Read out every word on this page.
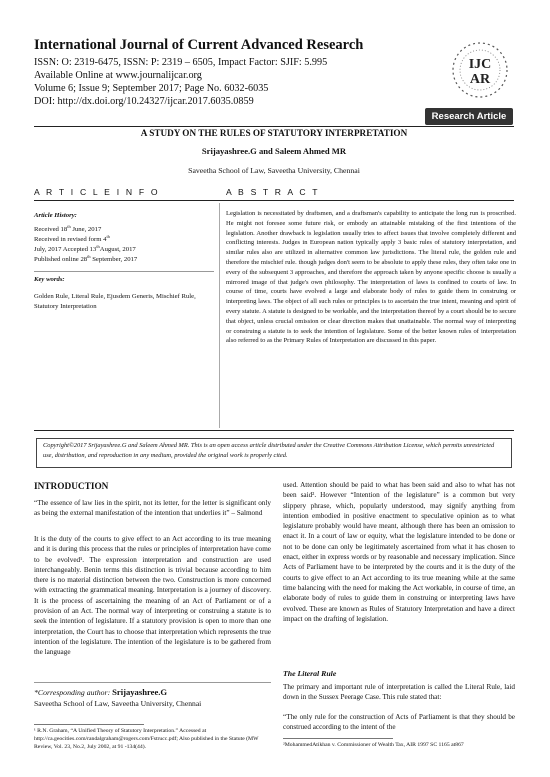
International Journal of Current Advanced Research
ISSN: O: 2319-6475, ISSN: P: 2319 – 6505, Impact Factor: SJIF: 5.995
Available Online at www.journalijcar.org
Volume 6; Issue 9; September 2017; Page No. 6032-6035
DOI: http://dx.doi.org/10.24327/ijcar.2017.6035.0859
IJC
AR
Research Article
A STUDY ON THE RULES OF STATUTORY INTERPRETATION
Srijayashree.G and Saleem Ahmed MR
Saveetha School of Law, Saveetha University, Chennai
A R T I C L E I N F O	A B S T R A C T
Article History:
Received 18th June, 2017
Received in revised form 4th
July, 2017 Accepted 13thAugust, 2017
Published online 28th September, 2017
Key words:
Golden Rule, Literal Rule, Ejusdem Generis, Mischief Rule, Statutory Interpretation
Legislation is necessitated by draftsmen, and a draftsman's capability to anticipate the long run is proscribed. He might not foresee some future risk, or embody an attainable mistaking of the first intentions of the legislation. Another drawback is legislation usually tries to affect issues that involve completely different and conflicting interests. Judges in European nation typically apply 3 basic rules of statutory interpretation, and similar rules also are utilized in alternative common law jurisdictions. The literal rule, the golden rule and therefore the mischief rule. though judges don't seem to be absolute to apply these rules, they often take one in every of the subsequent 3 approaches, and therefore the approach taken by anyone specific choose is usually a mirrored image of that judge's own philosophy. The interpretation of laws is confined to courts of law. In course of time, courts have evolved a large and elaborate body of rules to guide them in construing or interpreting laws. The object of all such rules or principles is to ascertain the true intent, meaning and spirit of every statute. A statute is designed to be workable, and the interpretation thereof by a court should be to secure that object, unless crucial omission or clear direction makes that unattainable. The normal way of interpreting or construing a statute is to seek the intention of legislature. Some of the better known rules of interpretation also referred to as the Primary Rules of Interpretation are discussed in this paper.
Copyright©2017 Srijayashree.G and Saleem Ahmed MR. This is an open access article distributed under the Creative Commons Attribution License, which permits unrestricted use, distribution, and reproduction in any medium, provided the original work is properly cited.
INTRODUCTION
“The essence of law lies in the spirit, not its letter, for the letter is significant only as being the external manifestation of the intention that underlies it” – Salmond
It is the duty of the courts to give effect to an Act according to its true meaning and it is during this process that the rules or principles of interpretation have come to be evolved¹. The expression interpretation and construction are used interchangeably. Benin terms this distinction is trivial because according to him there is no material distinction between the two. Construction is more concerned with extracting the grammatical meaning. Interpretation is a journey of discovery. It is the process of ascertaining the meaning of an Act of Parliament or of a provision of an Act. The normal way of interpreting or construing a statute is to seek the intention of legislature. If a statutory provision is open to more than one interpretation, the Court has to choose that interpretation which represents the true intention of the legislature. The intention of the legislature is to be gathered from the language
*Corresponding author: Srijayashree.G
Saveetha School of Law, Saveetha University, Chennai
¹ R.N. Graham, “A Unified Theory of Statutory Interpretation.” Accessed at http://ca.geocities.com/randalgraham@rogers.com/Fstrucc.pdf; Also published in the Statute (MW Review, Vol. 23, No.2, July 2002, at 91 -134(44).
used. Attention should be paid to what has been said and also to what has not been said². However “Intention of the legislature” is a common but very slippery phrase, which, popularly understood, may signify anything from intention embodied in positive enactment to speculative opinion as to what legislature probably would have meant, although there has been an omission to enact it. In a court of law or equity, what the legislature intended to be done or not to be done can only be legitimately ascertained from what it has chosen to enact, either in express words or by reasonable and necessary implication. Since Acts of Parliament have to be interpreted by the courts and it is the duty of the courts to give effect to an Act according to its true meaning while at the same time balancing with the need for making the Act workable, in course of time, an elaborate body of rules to guide them in construing or interpreting laws have evolved. These are known as Rules of Statutory Interpretation and have a direct impact on the drafting of legislation.
The Literal Rule
The primary and important rule of interpretation is called the Literal Rule, laid down in the Sussex Peerage Case. This rule stated that:
“The only rule for the construction of Acts of Parliament is that they should be construed according to the intent of the
²MohammedAtikhan v. Commissioner of Wealth Tax, AIR 1997 SC 1165 at867
